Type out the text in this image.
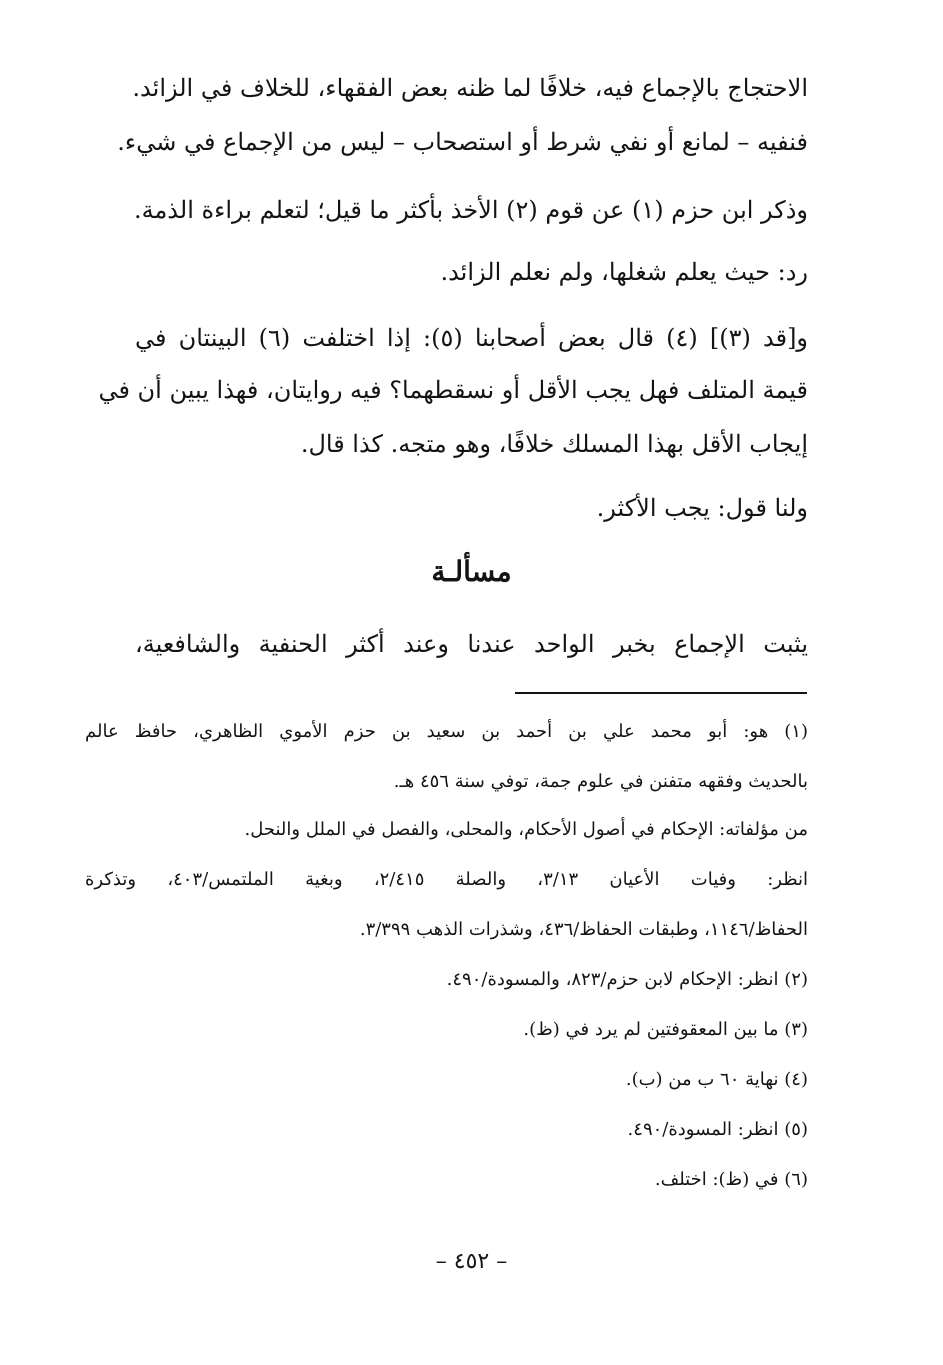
الاحتجاج بالإجماع فيه، خلافًا لما ظنه بعض الفقهاء، للخلاف في الزائد.
فنفيه – لمانع أو نفي شرط أو استصحاب – ليس من الإجماع في شيء.
وذكر ابن حزم (١) عن قوم (٢) الأخذ بأكثر ما قيل؛ لتعلم براءة الذمة.
رد: حيث يعلم شغلها، ولم نعلم الزائد.
و[قد (٣)] (٤) قال بعض أصحابنا (٥): إذا اختلفت (٦) البينتان في
قيمة المتلف فهل يجب الأقل أو نسقطهما؟ فيه روايتان، فهذا يبين أن في
إيجاب الأقل بهذا المسلك خلافًا، وهو متجه. كذا قال.
ولنا قول: يجب الأكثر.
مسألـة
يثبت الإجماع بخبر الواحد عندنا وعند أكثر الحنفية والشافعية،
(١) هو: أبو محمد علي بن أحمد بن سعيد بن حزم الأموي الظاهري، حافظ عالم
بالحديث وفقهه متفنن في علوم جمة، توفي سنة ٤٥٦ هـ.
من مؤلفاته: الإحكام في أصول الأحكام، والمحلى، والفصل في الملل والنحل.
انظر: وفيات الأعيان ٣/١٣، والصلة ٢/٤١٥، وبغية الملتمس/٤٠٣، وتذكرة
الحفاظ/١١٤٦، وطبقات الحفاظ/٤٣٦، وشذرات الذهب ٣/٣٩٩.
(٢) انظر: الإحكام لابن حزم/٨٢٣، والمسودة/٤٩٠.
(٣) ما بين المعقوفتين لم يرد في (ظ).
(٤) نهاية ٦٠ ب من (ب).
(٥) انظر: المسودة/٤٩٠.
(٦) في (ظ): اختلف.
– ٤٥٢ –
